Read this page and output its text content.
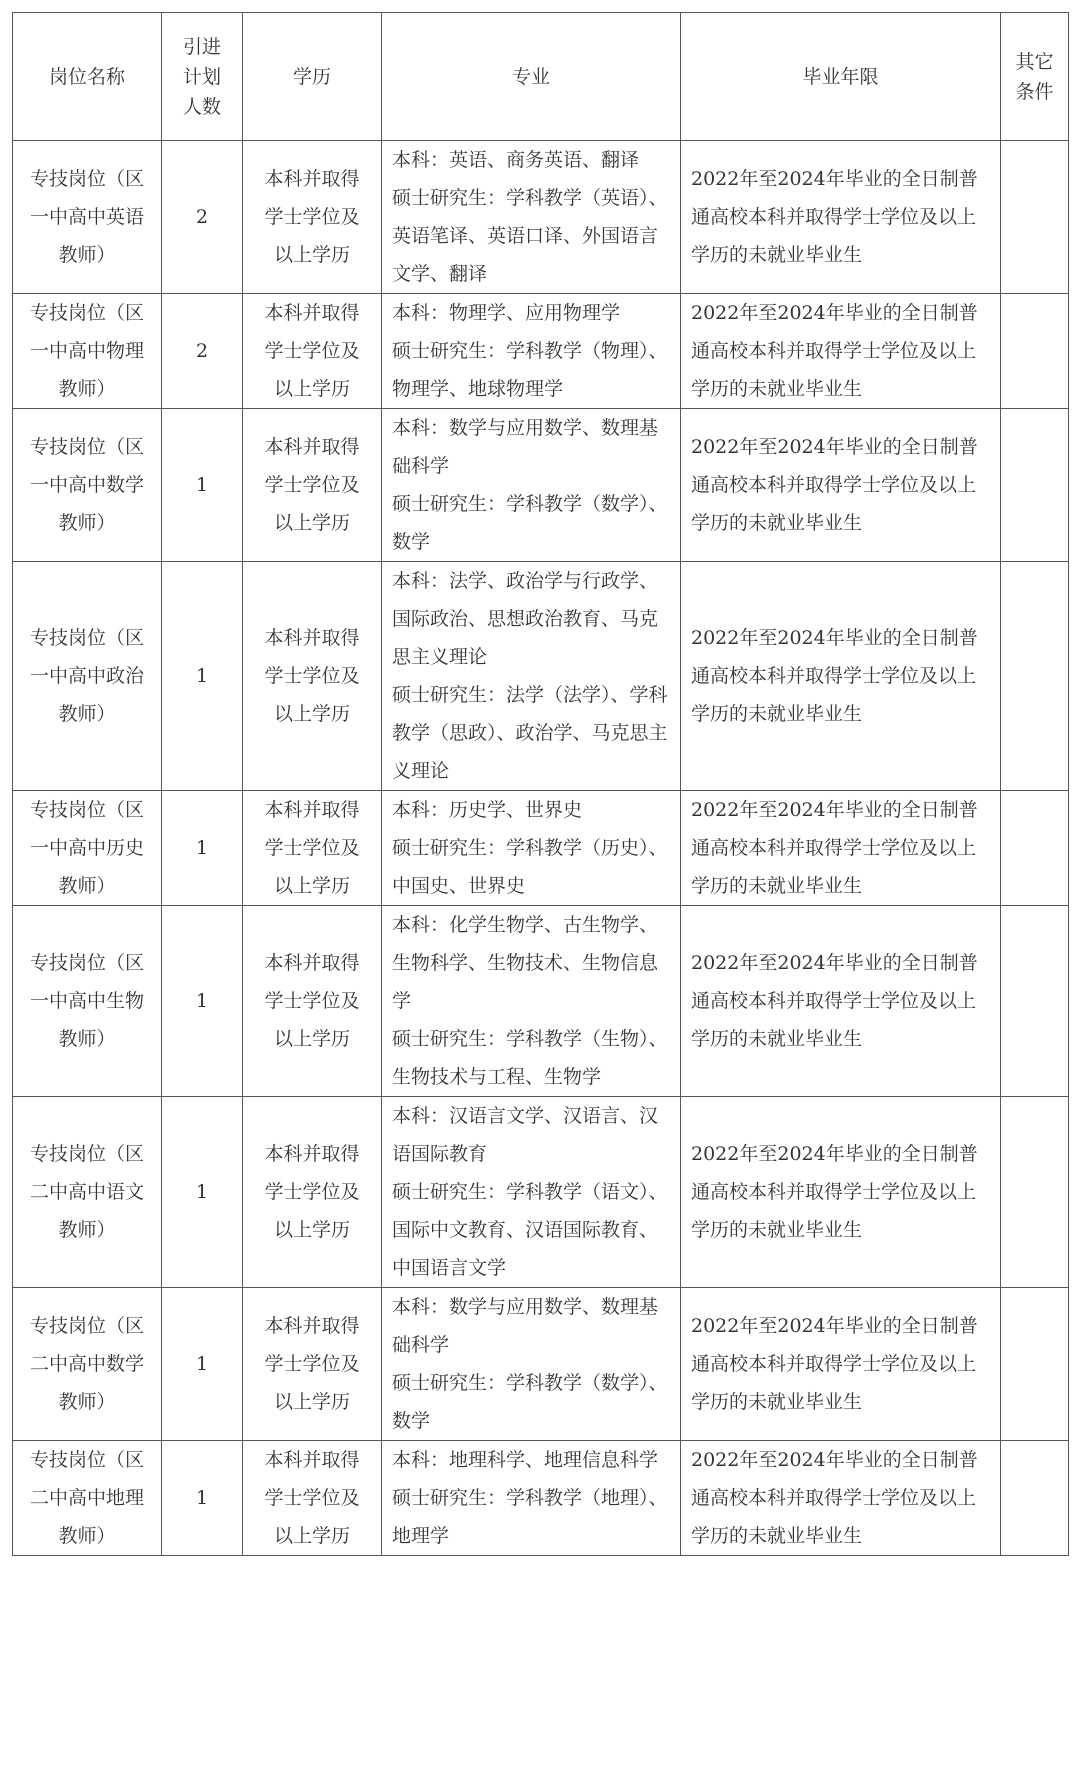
岗位名称	引进计划人数	学历	专业	毕业年限	其它条件

专技岗位（区一中高中英语教师）	2	本科并取得学士学位及以上学历	本科：英语、商务英语、翻译
硕士研究生：学科教学（英语）、英语笔译、英语口译、外国语言文学、翻译	2022年至2024年毕业的全日制普通高校本科并取得学士学位及以上学历的未就业毕业生	

专技岗位（区一中高中物理教师）	2	本科并取得学士学位及以上学历	本科：物理学、应用物理学
硕士研究生：学科教学（物理）、物理学、地球物理学	2022年至2024年毕业的全日制普通高校本科并取得学士学位及以上学历的未就业毕业生	

专技岗位（区一中高中数学教师）	1	本科并取得学士学位及以上学历	本科：数学与应用数学、数理基础科学
硕士研究生：学科教学（数学）、数学	2022年至2024年毕业的全日制普通高校本科并取得学士学位及以上学历的未就业毕业生	

专技岗位（区一中高中政治教师）	1	本科并取得学士学位及以上学历	本科：法学、政治学与行政学、国际政治、思想政治教育、马克思主义理论
硕士研究生：法学（法学）、学科教学（思政）、政治学、马克思主义理论	2022年至2024年毕业的全日制普通高校本科并取得学士学位及以上学历的未就业毕业生	

专技岗位（区一中高中历史教师）	1	本科并取得学士学位及以上学历	本科：历史学、世界史
硕士研究生：学科教学（历史）、中国史、世界史	2022年至2024年毕业的全日制普通高校本科并取得学士学位及以上学历的未就业毕业生	

专技岗位（区一中高中生物教师）	1	本科并取得学士学位及以上学历	本科：化学生物学、古生物学、生物科学、生物技术、生物信息学
硕士研究生：学科教学（生物）、生物技术与工程、生物学	2022年至2024年毕业的全日制普通高校本科并取得学士学位及以上学历的未就业毕业生	

专技岗位（区二中高中语文教师）	1	本科并取得学士学位及以上学历	本科：汉语言文学、汉语言、汉语国际教育
硕士研究生：学科教学（语文）、国际中文教育、汉语国际教育、中国语言文学	2022年至2024年毕业的全日制普通高校本科并取得学士学位及以上学历的未就业毕业生	

专技岗位（区二中高中数学教师）	1	本科并取得学士学位及以上学历	本科：数学与应用数学、数理基础科学
硕士研究生：学科教学（数学）、数学	2022年至2024年毕业的全日制普通高校本科并取得学士学位及以上学历的未就业毕业生	

专技岗位（区二中高中地理教师）	1	本科并取得学士学位及以上学历	本科：地理科学、地理信息科学
硕士研究生：学科教学（地理）、地理学	2022年至2024年毕业的全日制普通高校本科并取得学士学位及以上学历的未就业毕业生	
